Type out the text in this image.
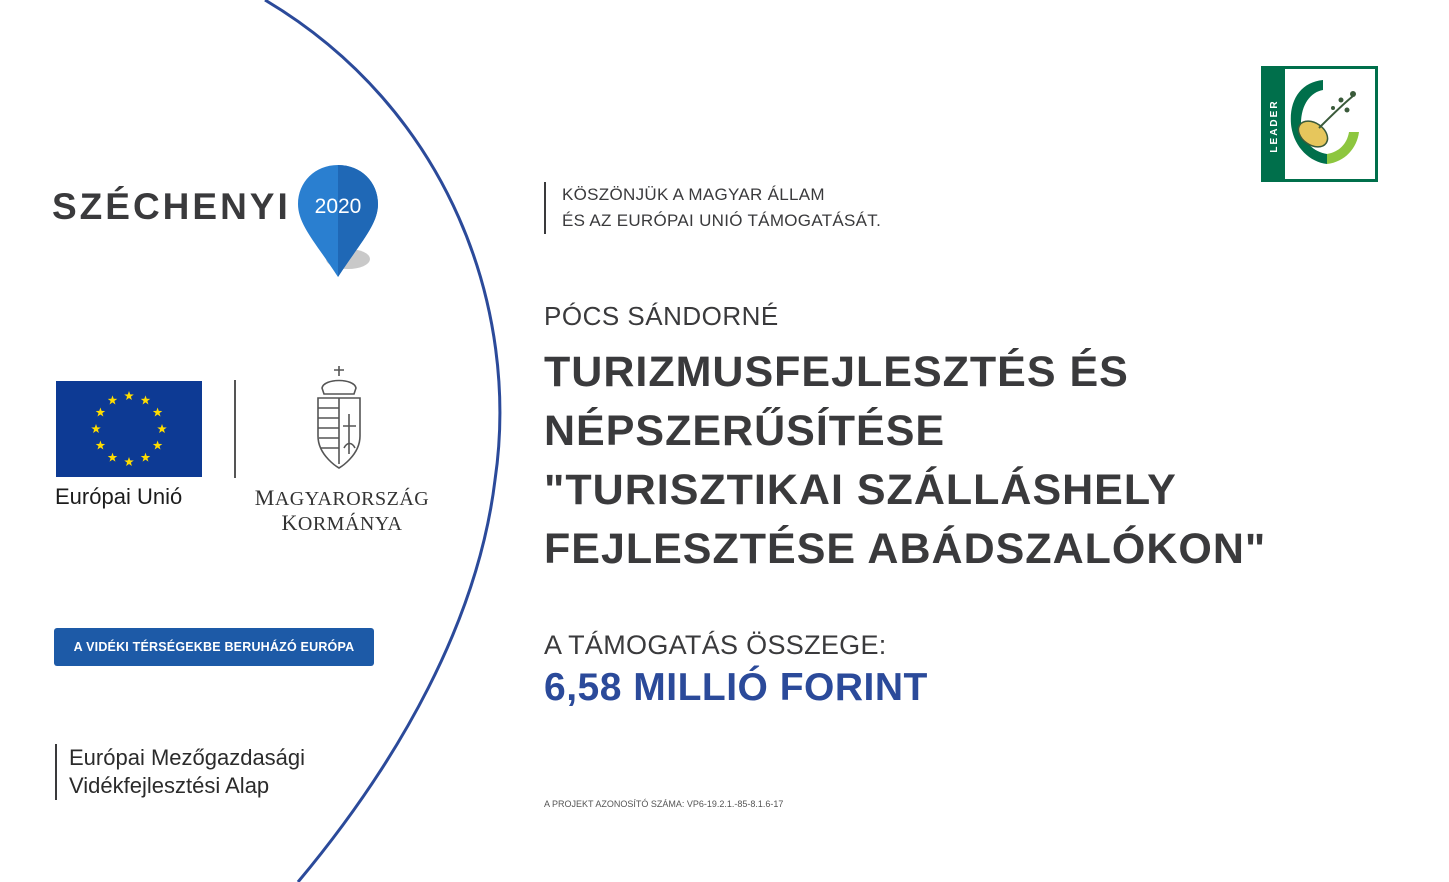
SZÉCHENYI 2020
Európai Unió	MAGYARORSZÁG
KORMÁNYA
A VIDÉKI TÉRSÉGEKBE BERUHÁZÓ EURÓPA
Európai Mezőgazdasági
Vidékfejlesztési Alap
KÖSZÖNJÜK A MAGYAR ÁLLAM
ÉS AZ EURÓPAI UNIÓ TÁMOGATÁSÁT.
PÓCS SÁNDORNÉ
TURIZMUSFEJLESZTÉS ÉS
NÉPSZERŰSÍTÉSE
"TURISZTIKAI SZÁLLÁSHELY
FEJLESZTÉSE ABÁDSZALÓKON"
A TÁMOGATÁS ÖSSZEGE:
6,58 MILLIÓ FORINT
A PROJEKT AZONOSÍTÓ SZÁMA: VP6-19.2.1.-85-8.1.6-17
LEADER
